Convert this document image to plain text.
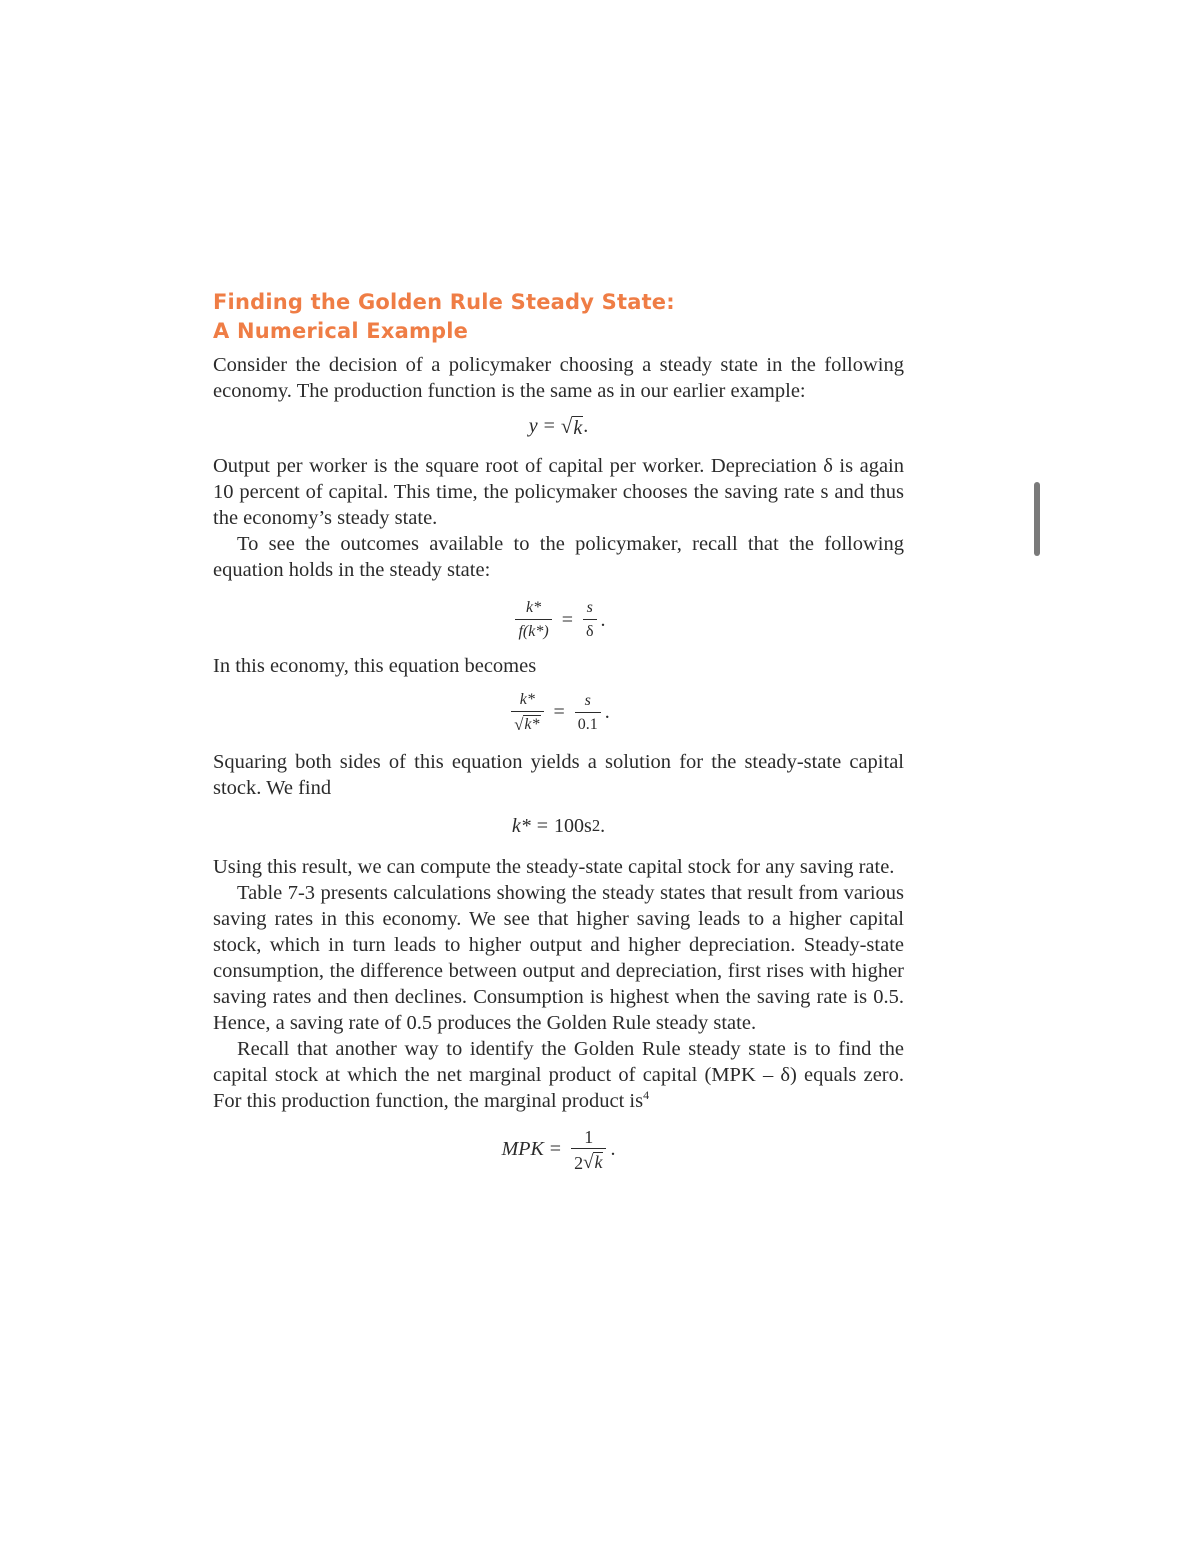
Finding the Golden Rule Steady State:
A Numerical Example

Consider the decision of a policymaker choosing a steady state in the following economy. The production function is the same as in our earlier example:

y = √ k .

Output per worker is the square root of capital per worker. Depreciation δ is again 10 percent of capital. This time, the policymaker chooses the saving rate s and thus the economy’s steady state.

To see the outcomes available to the policymaker, recall that the following equation holds in the steady state:

$\frac{k*}{f(k*)} = \frac{s}{\delta}$ .

In this economy, this equation becomes

$\frac{k*}{√ k*} = \frac{s}{0.1}$ .

Squaring both sides of this equation yields a solution for the steady-state capital stock. We find

k* = 100s 2 .

Using this result, we can compute the steady-state capital stock for any saving rate.

Table 7-3 presents calculations showing the steady states that result from various saving rates in this economy. We see that higher saving leads to a higher capital stock, which in turn leads to higher output and higher depreciation. Steady-state consumption, the difference between output and depreciation, first rises with higher saving rates and then declines. Consumption is highest when the saving rate is 0.5. Hence, a saving rate of 0.5 produces the Golden Rule steady state.

Recall that another way to identify the Golden Rule steady state is to find the capital stock at which the net marginal product of capital (MPK – δ) equals zero. For this production function, the marginal product is$^4$

MPK = $\frac{1}{2 √ k}$ .
